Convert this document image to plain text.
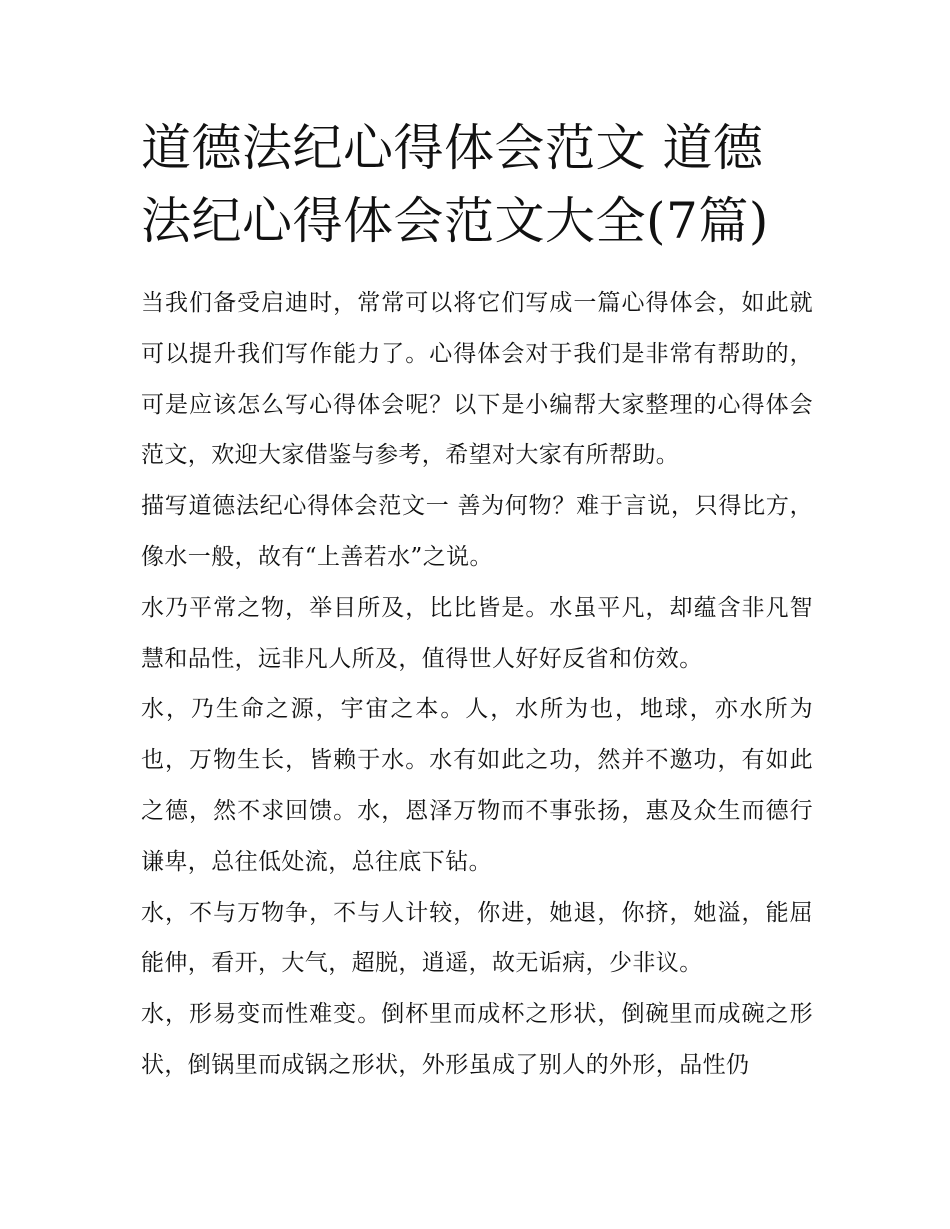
道德法纪心得体会范文 道德法纪心得体会范文大全(7篇)

当我们备受启迪时，常常可以将它们写成一篇心得体会，如此就可以提升我们写作能力了。心得体会对于我们是非常有帮助的，可是应该怎么写心得体会呢？以下是小编帮大家整理的心得体会范文，欢迎大家借鉴与参考，希望对大家有所帮助。

描写道德法纪心得体会范文一 善为何物？难于言说，只得比方，像水一般，故有“上善若水”之说。

水乃平常之物，举目所及，比比皆是。水虽平凡，却蕴含非凡智慧和品性，远非凡人所及，值得世人好好反省和仿效。

水，乃生命之源，宇宙之本。人，水所为也，地球，亦水所为也，万物生长，皆赖于水。水有如此之功，然并不邀功，有如此之德，然不求回馈。水，恩泽万物而不事张扬，惠及众生而德行谦卑，总往低处流，总往底下钻。

水，不与万物争，不与人计较，你进，她退，你挤，她溢，能屈能伸，看开，大气，超脱，逍遥，故无诟病，少非议。

水，形易变而性难变。倒杯里而成杯之形状，倒碗里而成碗之形状，倒锅里而成锅之形状，外形虽成了别人的外形，品性仍
